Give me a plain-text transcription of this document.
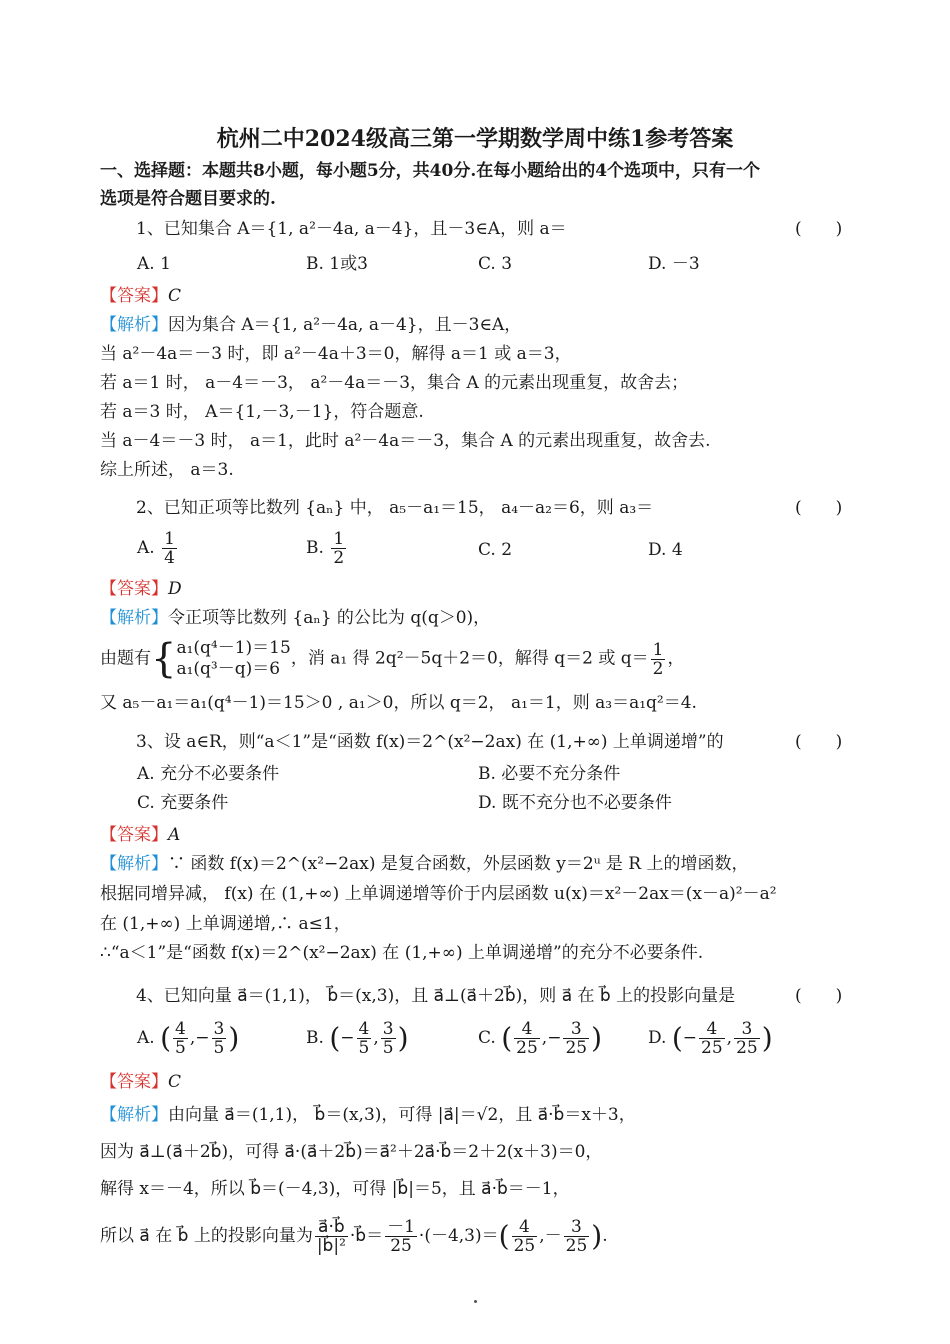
杭州二中2024级高三第一学期数学周中练1参考答案
一、选择题：本题共8小题，每小题5分，共40分.在每小题给出的4个选项中，只有一个
选项是符合题目要求的.
1、已知集合 A＝{1, a²－4a, a－4}，且－3∈A，则 a＝	(　　)
A. 1	B. 1或3	C. 3	D. －3
【答案】C
【解析】因为集合 A＝{1, a²－4a, a－4}，且－3∈A，
当 a²－4a＝－3 时，即 a²－4a＋3＝0，解得 a＝1 或 a＝3，
若 a＝1 时， a－4＝－3， a²－4a＝－3，集合 A 的元素出现重复，故舍去；
若 a＝3 时， A＝{1,－3,－1}，符合题意.
当 a－4＝－3 时， a＝1，此时 a²－4a＝－3，集合 A 的元素出现重复，故舍去.
综上所述， a＝3.
2、已知正项等比数列 {aₙ} 中， a₅－a₁＝15， a₄－a₂＝6，则 a₃＝	(　　)
A. $\frac{1}{4}$	B. $\frac{1}{2}$	C. 2	D. 4
【答案】D
【解析】令正项等比数列 {aₙ} 的公比为 q(q＞0)，
由题有{ a₁(q⁴－1)＝15
a₁(q³－q)＝6
，消 a₁ 得 2q²－5q＋2＝0，解得 q＝2 或 $q= \frac{1}{2}$ ，
又 a₅－a₁＝a₁(q⁴－1)＝15＞0 , a₁＞0，所以 q＝2， a₁＝1，则 a₃＝a₁q²＝4.
3、设 a∈R，则“a＜1”是“函数 f(x)＝2^(x²−2ax) 在 (1,+∞) 上单调递增”的	(　　)
A. 充分不必要条件	B. 必要不充分条件
C. 充要条件	D. 既不充分也不必要条件
【答案】A
【解析】∵ 函数 f(x)＝2^(x²−2ax) 是复合函数，外层函数 y＝2ᵘ 是 R 上的增函数，
根据同增异减， f(x) 在 (1,+∞) 上单调递增等价于内层函数 u(x)＝x²－2ax＝(x－a)²－a²
在 (1,+∞) 上单调递增,∴ a≤1，
∴“a＜1”是“函数 f(x)＝2^(x²−2ax) 在 (1,+∞) 上单调递增”的充分不必要条件.
4、已知向量 a⃗＝(1,1)， b⃗＝(x,3)，且 a⃗⊥(a⃗＋2b⃗)，则 a⃗ 在 b⃗ 上的投影向量是	(　　)
A. ( $\frac{4}{5}$ ,− $\frac{3}{5}$ )	B. (− $\frac{4}{5}$ , $\frac{3}{5}$ )	C. ( $\frac{4}{25}$ ,− $\frac{3}{25}$ )	D. (− $\frac{4}{25}$ , $\frac{3}{25}$ )
【答案】C
【解析】由向量 a⃗＝(1,1)， b⃗＝(x,3)，可得 |a⃗|＝√2，且 a⃗·b⃗＝x＋3，
因为 a⃗⊥(a⃗＋2b⃗)，可得 a⃗·(a⃗＋2b⃗)＝a⃗²＋2a⃗·b⃗＝2＋2(x＋3)＝0，
解得 x＝－4，所以 b⃗＝(－4,3)，可得 |b⃗|＝5，且 a⃗·b⃗＝－1，
所以 a⃗ 在 b⃗ 上的投影向量为 $\frac{a⃗\cdot b⃗}{\text{|b⃗|²}}$ ·b⃗＝ $\frac{-1}{25} \cdot(-4,3)=( \frac{4}{25}$ ,－ $\frac{3}{25}$ ).
